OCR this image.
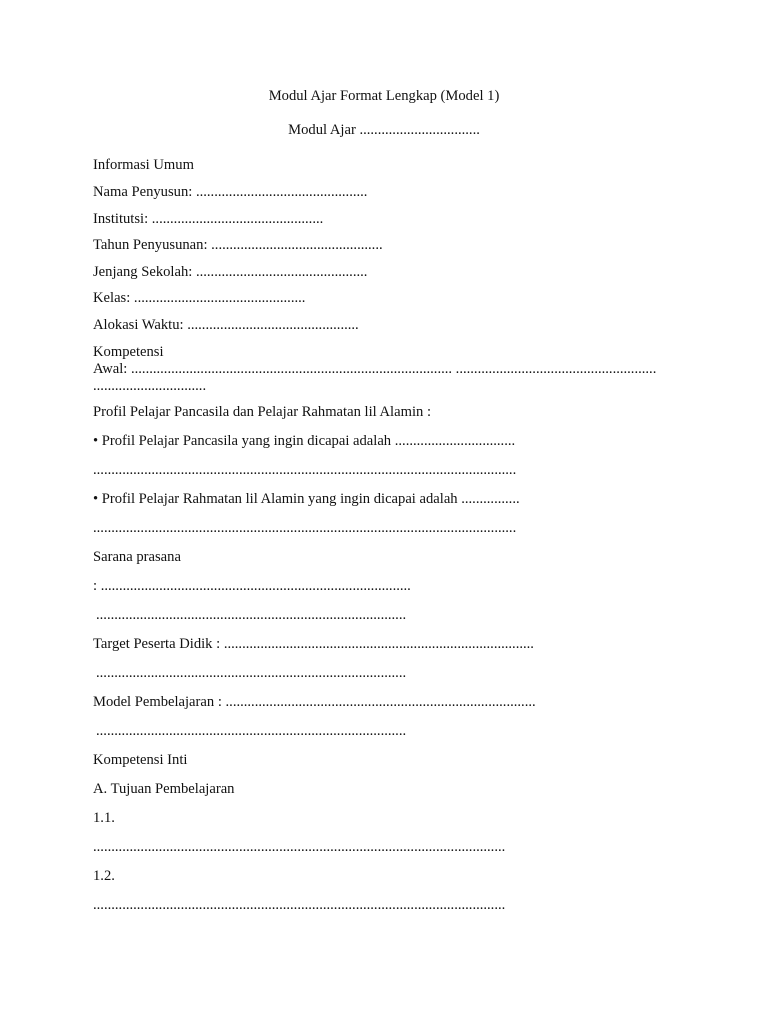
Modul Ajar Format Lengkap (Model 1)
Modul Ajar .................................
Informasi Umum
Nama Penyusun: ...............................................
Institutsi: ...............................................
Tahun Penyusunan: ...............................................
Jenjang Sekolah: ...............................................
Kelas: ...............................................
Alokasi Waktu: ...............................................
Kompetensi
Awal: ........................................................................................ .......................................................
...............................
Profil Pelajar Pancasila dan Pelajar Rahmatan lil Alamin :
• Profil Pelajar Pancasila yang ingin dicapai adalah .................................
....................................................................................................................
• Profil Pelajar Rahmatan lil Alamin yang ingin dicapai adalah ................
....................................................................................................................
Sarana prasana
: .....................................................................................
.....................................................................................
Target Peserta Didik : .....................................................................................
.....................................................................................
Model Pembelajaran : .....................................................................................
.....................................................................................
Kompetensi Inti
A. Tujuan Pembelajaran
1.1.
.................................................................................................................
1.2.
.................................................................................................................
